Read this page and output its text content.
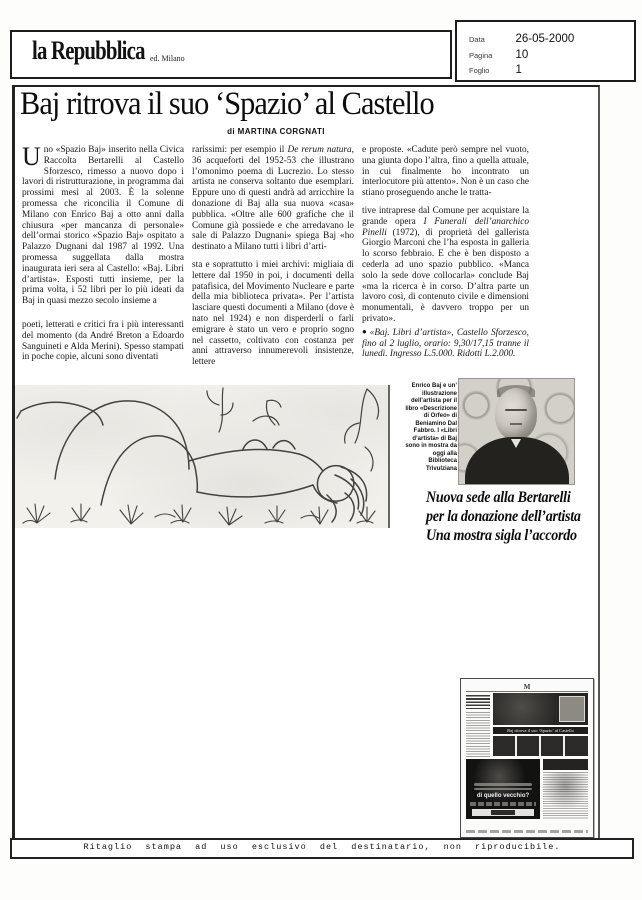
la Repubblica ed. Milano
Data	26-05-2000
Pagina 10
Foglio 1
Baj ritrova il suo ‘Spazio’ al Castello
di MARTINA CORGNATI

Uno «Spazio Baj» inserito nella Civica Raccolta Bertarelli al Castello Sforzesco, rimesso a nuovo dopo i lavori di ristrutturazione, in programma dai prossimi mesi al 2003. È la solenne promessa che riconcilia il Comune di Milano con Enrico Baj a otto anni dalla chiusura «per mancanza di personale» dell’ormai storico «Spazio Baj» ospitato a Palazzo Dugnani dal 1987 al 1992. Una promessa suggellata dalla mostra inaugurata ieri sera al Castello: «Baj. Libri d’artista». Esposti tutti insieme, per la prima volta, i 52 libri per lo più ideati da Baj in quasi mezzo secolo insieme a

poeti, letterati e critici fra i più interessanti del momento (da André Breton a Edoardo Sanguineti e Alda Merini). Spesso stampati in poche copie, alcuni sono diventati

rarissimi: per esempio il De rerum natura, 36 acqueforti del 1952-53 che illustrano l’omonimo poema di Lucrezio. Lo stesso artista ne conserva soltanto due esemplari. Eppure uno di questi andrà ad arricchire la donazione di Baj alla sua nuova «casa» pubblica. «Oltre alle 600 grafiche che il Comune già possiede e che arredavano le sale di Palazzo Dugnani» spiega Baj «ho destinato a Milano tutti i libri d’arti-

sta e soprattutto i miei archivi: migliaia di lettere dal 1950 in poi, i documenti della patafisica, del Movimento Nucleare e parte della mia biblioteca privata». Per l’artista lasciare questi documenti a Milano (dove è nato nel 1924) e non disperderli o farli emigrare è stato un vero e proprio sogno nel cassetto, coltivato con costanza per anni attraverso innumerevoli insistenze, lettere

e proposte. «Cadute però sempre nel vuoto, una giunta dopo l’altra, fino a quella attuale, in cui finalmente ho incontrato un interlocutore più attento». Non è un caso che stiano proseguendo anche le tratta-

tive intraprese dal Comune per acquistare la grande opera I Funerali dell’anarchico Pinelli (1972), di proprietà del gallerista Giorgio Marconi che l’ha esposta in galleria lo scorso febbraio. E che è ben disposto a cederla ad uno spazio pubblico. «Manca solo la sede dove collocarla» conclude Baj «ma la ricerca è in corso. D’altra parte un lavoro così, di contenuto civile e dimensioni monumentali, è davvero troppo per un privato».

● «Baj. Libri d’artista», Castello Sforzesco, fino al 2 luglio, orario: 9,30/17,15 tranne il lunedì. Ingresso L.5.000. Ridotti L.2.000.

Enrico Baj e un’ illustrazione dell’artista per il libro «Descrizione di Orfeo» di Beniamino Dal Fabbro. I «Libri d’artista» di Baj sono in mostra da oggi alla Biblioteca Trivulziana
Nuova sede alla Bertarelli
per la donazione dell’artista
Una mostra sigla l’accordo
M
Baj ritrova il suo ‘Spazio’ al Castello
di quello vecchio?
Ritaglio stampa ad uso esclusivo del destinatario, non riproducibile.
